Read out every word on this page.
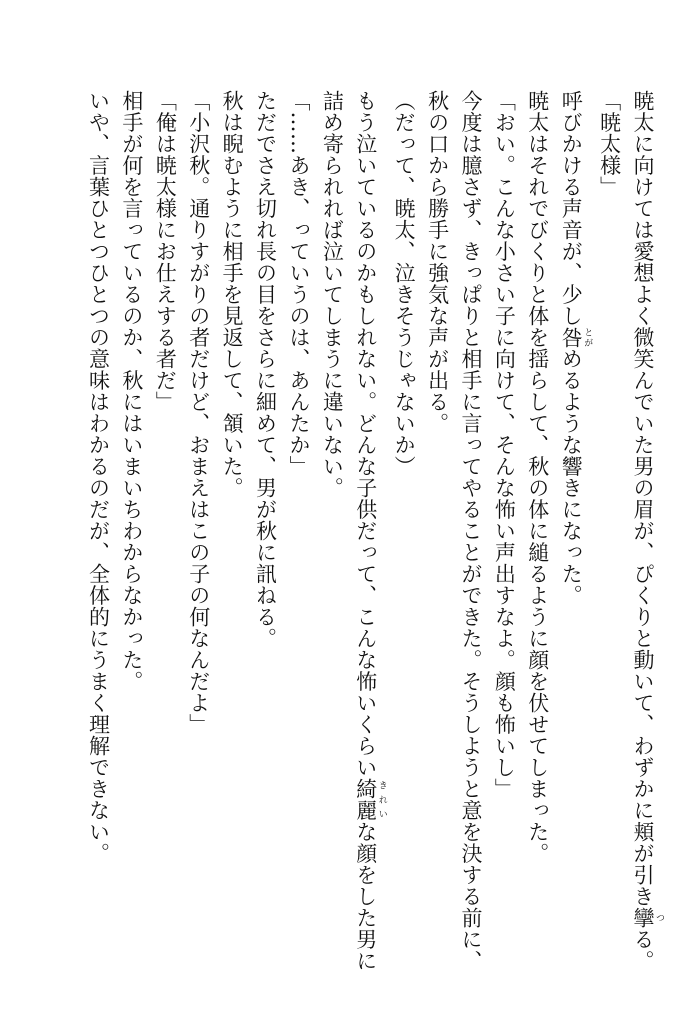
暁太に向けては愛想よく微笑んでいた男の眉が、ぴくりと動いて、わずかに頬が引き攣 つる。

「暁太様」

呼びかける声音が、少し咎 とがめるような響きになった。

暁太はそれでびくりと体を揺らして、秋の体に縋るように顔を伏せてしまった。

「おい。こんな小さい子に向けて、そんな怖い声出すなよ。顔も怖いし」

今度は臆さず、きっぱりと相手に言ってやることができた。そうしようと意を決する前に、

秋の口から勝手に強気な声が出る。

（だって、暁太、泣きそうじゃないか）

もう泣いているのかもしれない。どんな子供だって、こんな怖いくらい綺麗 きれいな顔をした男に

詰め寄られれば泣いてしまうに違いない。

「……あき、っていうのは、あんたか」

ただでさえ切れ長の目をさらに細めて、男が秋に訊ねる。

秋は睨むように相手を見返して、頷いた。

「小沢秋。通りすがりの者だけど、おまえはこの子の何なんだよ」

「俺は暁太様にお仕えする者だ」

相手が何を言っているのか、秋にはいまいちわからなかった。

いや、言葉ひとつひとつの意味はわかるのだが、全体的にうまく理解できない。
